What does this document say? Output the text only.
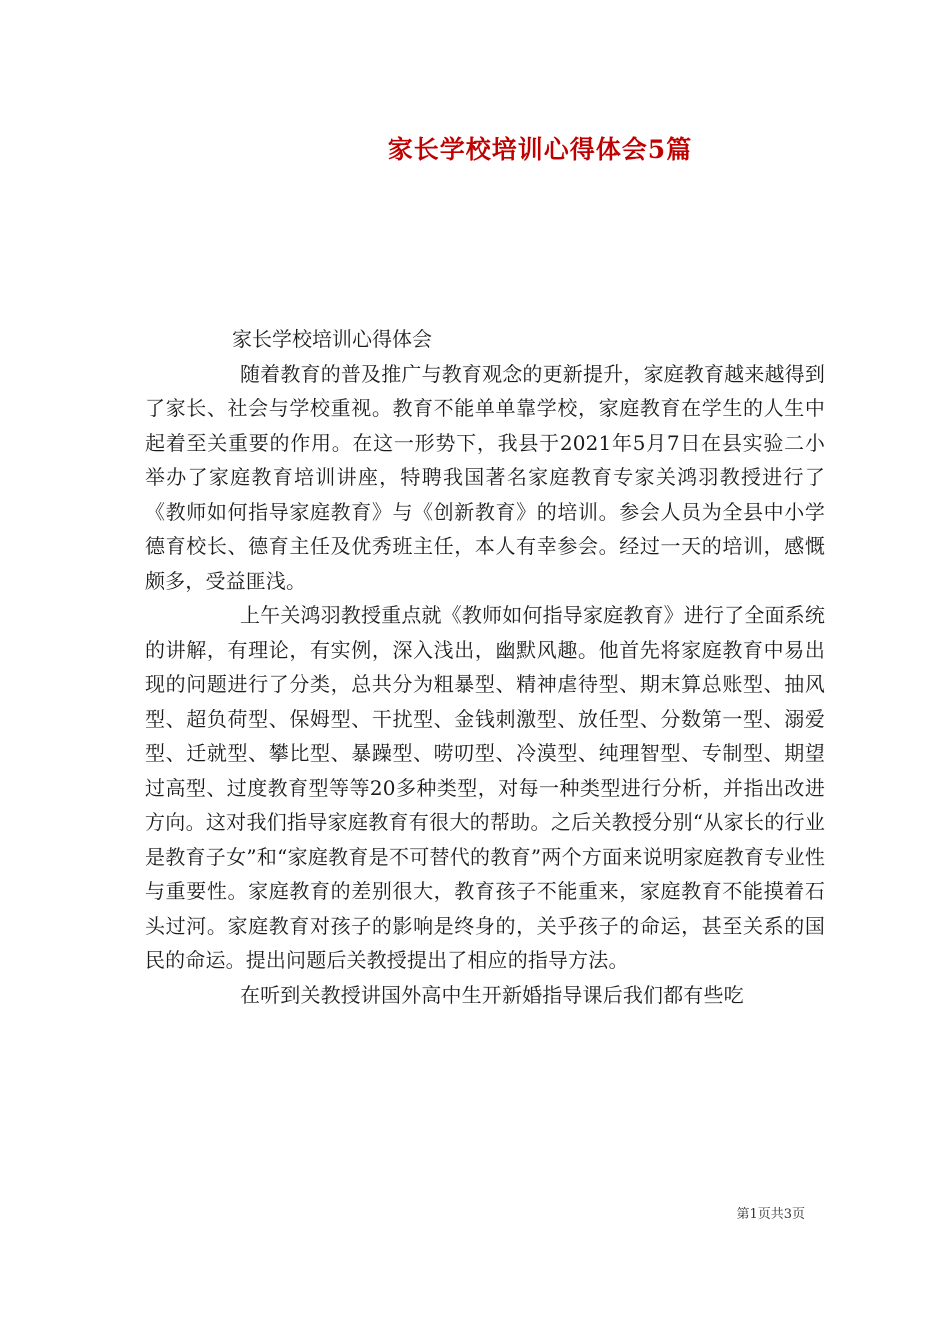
家长学校培训心得体会5篇

家长学校培训心得体会

随着教育的普及推广与教育观念的更新提升，家庭教育越来越得到了家长、社会与学校重视。教育不能单单靠学校，家庭教育在学生的人生中起着至关重要的作用。在这一形势下，我县于2021年5月7日在县实验二小举办了家庭教育培训讲座，特聘我国著名家庭教育专家关鸿羽教授进行了《教师如何指导家庭教育》与《创新教育》的培训。参会人员为全县中小学德育校长、德育主任及优秀班主任，本人有幸参会。经过一天的培训，感慨颇多，受益匪浅。

上午关鸿羽教授重点就《教师如何指导家庭教育》进行了全面系统的讲解，有理论，有实例，深入浅出，幽默风趣。他首先将家庭教育中易出现的问题进行了分类，总共分为粗暴型、精神虐待型、期末算总账型、抽风型、超负荷型、保姆型、干扰型、金钱刺激型、放任型、分数第一型、溺爱型、迁就型、攀比型、暴躁型、唠叨型、冷漠型、纯理智型、专制型、期望过高型、过度教育型等等20多种类型，对每一种类型进行分析，并指出改进方向。这对我们指导家庭教育有很大的帮助。之后关教授分别“从家长的行业是教育子女”和“家庭教育是不可替代的教育”两个方面来说明家庭教育专业性与重要性。家庭教育的差别很大，教育孩子不能重来，家庭教育不能摸着石头过河。家庭教育对孩子的影响是终身的，关乎孩子的命运，甚至关系的国民的命运。提出问题后关教授提出了相应的指导方法。

在听到关教授讲国外高中生开新婚指导课后我们都有些吃

第1页共3页
